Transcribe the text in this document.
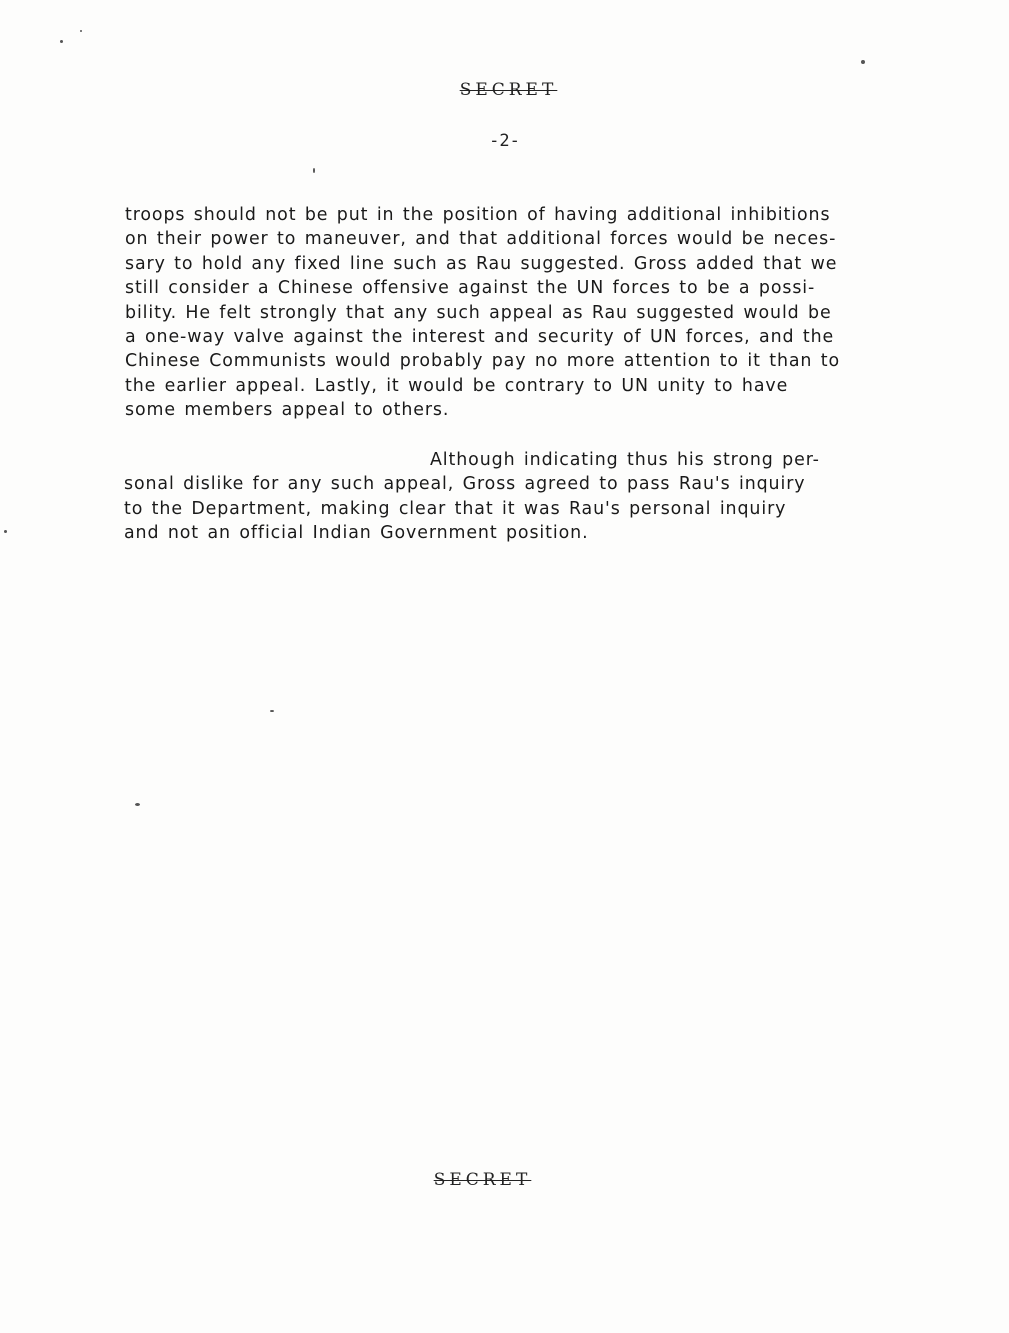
SECRET
-2-
troops should not be put in the position of having additional inhibitions
on their power to maneuver, and that additional forces would be neces-
sary to hold any fixed line such as Rau suggested. Gross added that we
still consider a Chinese offensive against the UN forces to be a possi-
bility. He felt strongly that any such appeal as Rau suggested would be
a one-way valve against the interest and security of UN forces, and the
Chinese Communists would probably pay no more attention to it than to
the earlier appeal. Lastly, it would be contrary to UN unity to have
some members appeal to others.
Although indicating thus his strong per-
sonal dislike for any such appeal, Gross agreed to pass Rau's inquiry
to the Department, making clear that it was Rau's personal inquiry
and not an official Indian Government position.
SECRET
